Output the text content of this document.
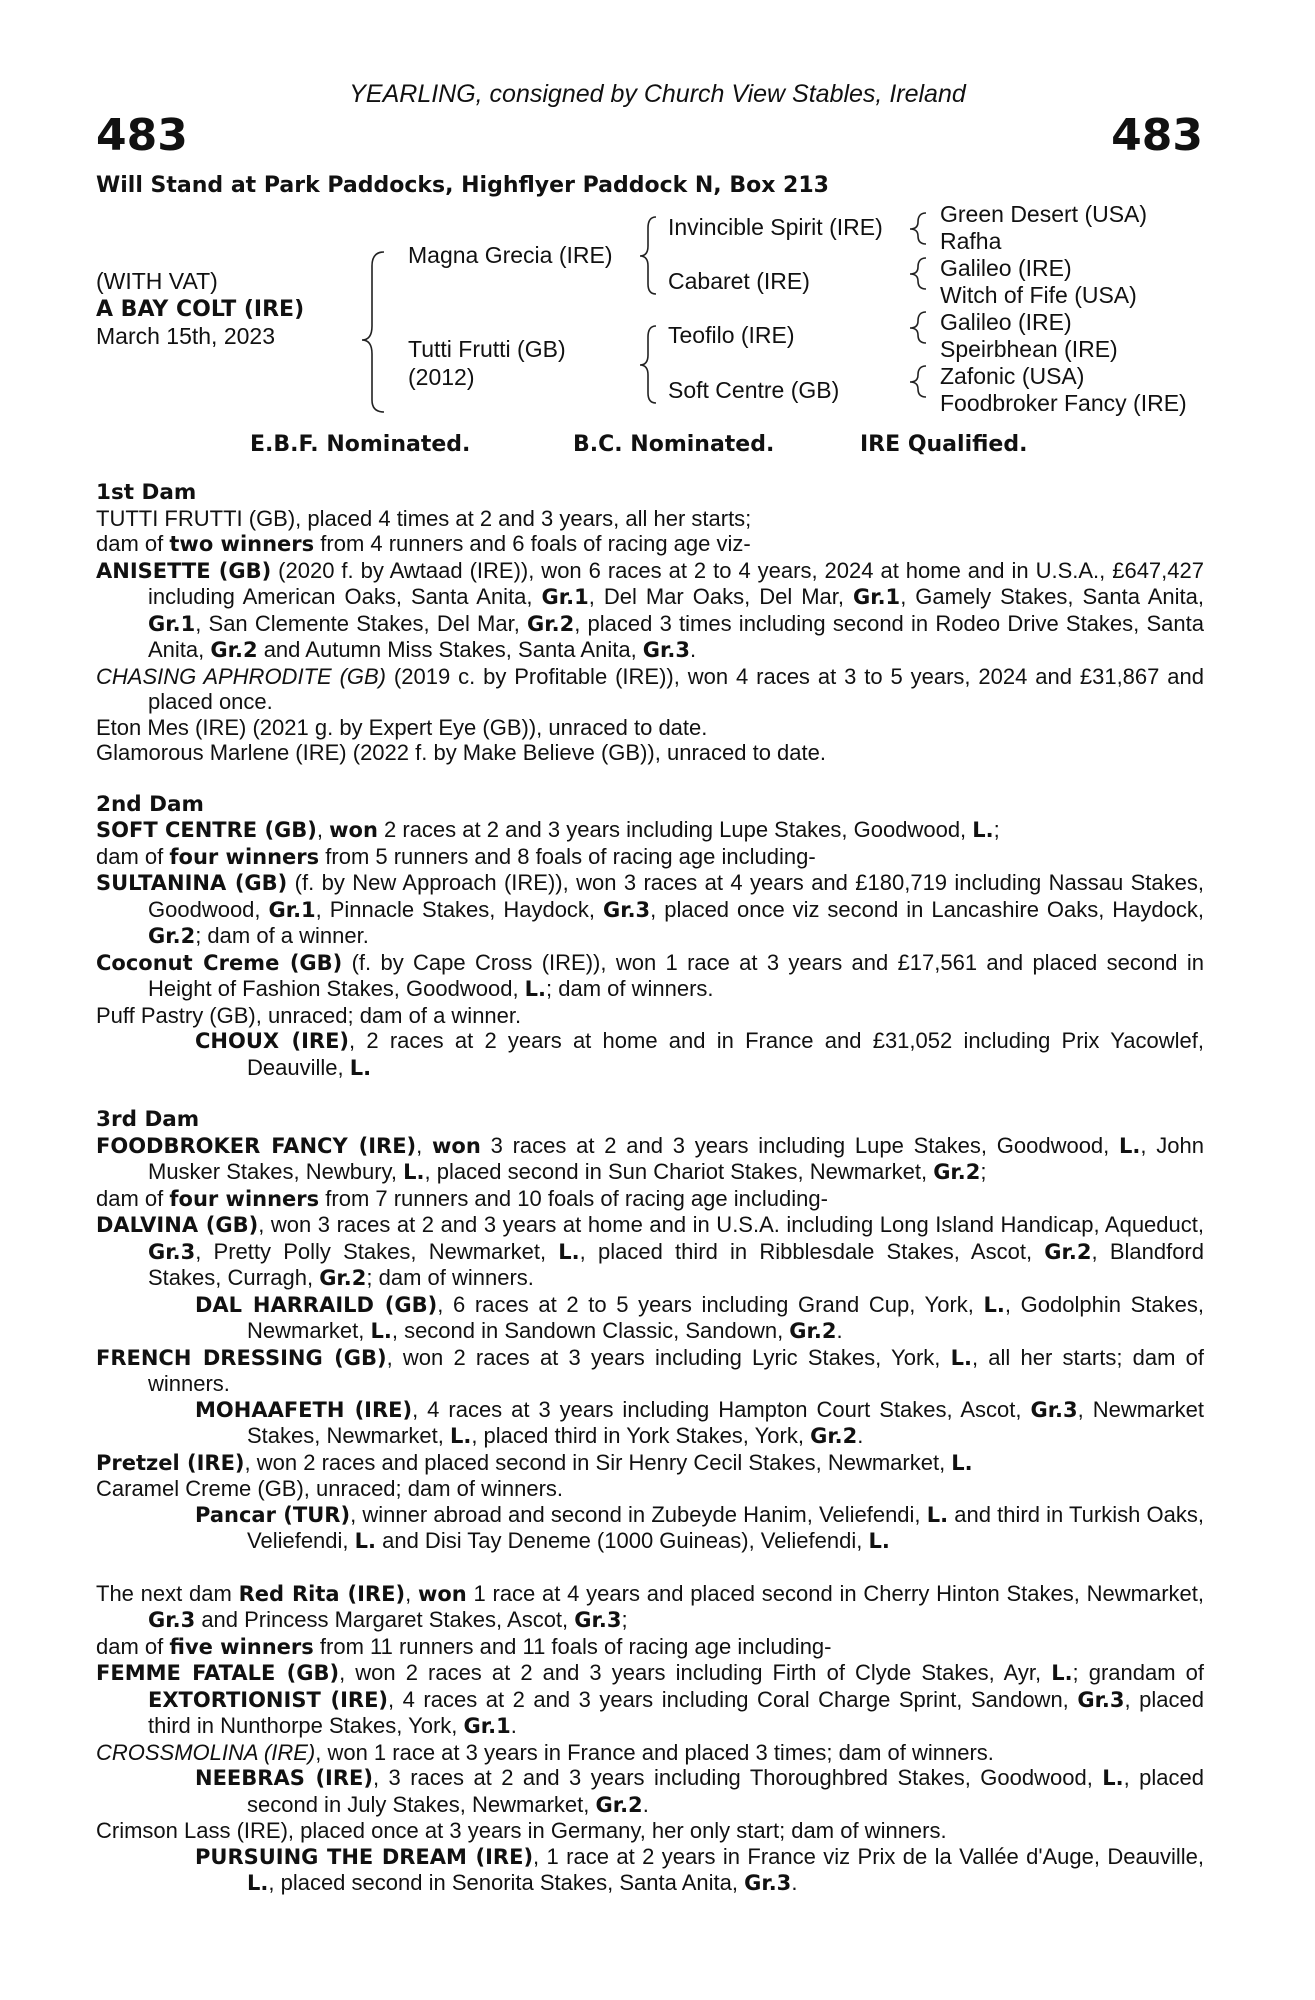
YEARLING, consigned by Church View Stables, Ireland
483	483
Will Stand at Park Paddocks, Highflyer Paddock N, Box 213
(WITH VAT)
A BAY COLT (IRE)
March 15th, 2023
Magna Grecia (IRE)
Tutti Frutti (GB)
(2012)
Invincible Spirit (IRE)
Cabaret (IRE)
Teofilo (IRE)
Soft Centre (GB)
Green Desert (USA)
Rafha
Galileo (IRE)
Witch of Fife (USA)
Galileo (IRE)
Speirbhean (IRE)
Zafonic (USA)
Foodbroker Fancy (IRE)
E.B.F. Nominated.	B.C. Nominated.	IRE Qualified.
1st Dam
TUTTI FRUTTI (GB), placed 4 times at 2 and 3 years, all her starts;
dam of two winners from 4 runners and 6 foals of racing age viz-
ANISETTE (GB) (2020 f. by Awtaad (IRE)), won 6 races at 2 to 4 years, 2024 at home and in U.S.A., £647,427 including American Oaks, Santa Anita, Gr.1, Del Mar Oaks, Del Mar, Gr.1, Gamely Stakes, Santa Anita, Gr.1, San Clemente Stakes, Del Mar, Gr.2, placed 3 times including second in Rodeo Drive Stakes, Santa Anita, Gr.2 and Autumn Miss Stakes, Santa Anita, Gr.3.
CHASING APHRODITE (GB) (2019 c. by Profitable (IRE)), won 4 races at 3 to 5 years, 2024 and £31,867 and placed once.
Eton Mes (IRE) (2021 g. by Expert Eye (GB)), unraced to date.
Glamorous Marlene (IRE) (2022 f. by Make Believe (GB)), unraced to date.
2nd Dam
SOFT CENTRE (GB), won 2 races at 2 and 3 years including Lupe Stakes, Goodwood, L.;
dam of four winners from 5 runners and 8 foals of racing age including-
SULTANINA (GB) (f. by New Approach (IRE)), won 3 races at 4 years and £180,719 including Nassau Stakes, Goodwood, Gr.1, Pinnacle Stakes, Haydock, Gr.3, placed once viz second in Lancashire Oaks, Haydock, Gr.2; dam of a winner.
Coconut Creme (GB) (f. by Cape Cross (IRE)), won 1 race at 3 years and £17,561 and placed second in Height of Fashion Stakes, Goodwood, L.; dam of winners.
Puff Pastry (GB), unraced; dam of a winner.
CHOUX (IRE), 2 races at 2 years at home and in France and £31,052 including Prix Yacowlef, Deauville, L.
3rd Dam
FOODBROKER FANCY (IRE), won 3 races at 2 and 3 years including Lupe Stakes, Goodwood, L., John Musker Stakes, Newbury, L., placed second in Sun Chariot Stakes, Newmarket, Gr.2;
dam of four winners from 7 runners and 10 foals of racing age including-
DALVINA (GB), won 3 races at 2 and 3 years at home and in U.S.A. including Long Island Handicap, Aqueduct, Gr.3, Pretty Polly Stakes, Newmarket, L., placed third in Ribblesdale Stakes, Ascot, Gr.2, Blandford Stakes, Curragh, Gr.2; dam of winners.
DAL HARRAILD (GB), 6 races at 2 to 5 years including Grand Cup, York, L., Godolphin Stakes, Newmarket, L., second in Sandown Classic, Sandown, Gr.2.
FRENCH DRESSING (GB), won 2 races at 3 years including Lyric Stakes, York, L., all her starts; dam of winners.
MOHAAFETH (IRE), 4 races at 3 years including Hampton Court Stakes, Ascot, Gr.3, Newmarket Stakes, Newmarket, L., placed third in York Stakes, York, Gr.2.
Pretzel (IRE), won 2 races and placed second in Sir Henry Cecil Stakes, Newmarket, L.
Caramel Creme (GB), unraced; dam of winners.
Pancar (TUR), winner abroad and second in Zubeyde Hanim, Veliefendi, L. and third in Turkish Oaks, Veliefendi, L. and Disi Tay Deneme (1000 Guineas), Veliefendi, L.
The next dam Red Rita (IRE), won 1 race at 4 years and placed second in Cherry Hinton Stakes, Newmarket, Gr.3 and Princess Margaret Stakes, Ascot, Gr.3;
dam of five winners from 11 runners and 11 foals of racing age including-
FEMME FATALE (GB), won 2 races at 2 and 3 years including Firth of Clyde Stakes, Ayr, L.; grandam of EXTORTIONIST (IRE), 4 races at 2 and 3 years including Coral Charge Sprint, Sandown, Gr.3, placed third in Nunthorpe Stakes, York, Gr.1.
CROSSMOLINA (IRE), won 1 race at 3 years in France and placed 3 times; dam of winners.
NEEBRAS (IRE), 3 races at 2 and 3 years including Thoroughbred Stakes, Goodwood, L., placed second in July Stakes, Newmarket, Gr.2.
Crimson Lass (IRE), placed once at 3 years in Germany, her only start; dam of winners.
PURSUING THE DREAM (IRE), 1 race at 2 years in France viz Prix de la Vallée d'Auge, Deauville, L., placed second in Senorita Stakes, Santa Anita, Gr.3.
